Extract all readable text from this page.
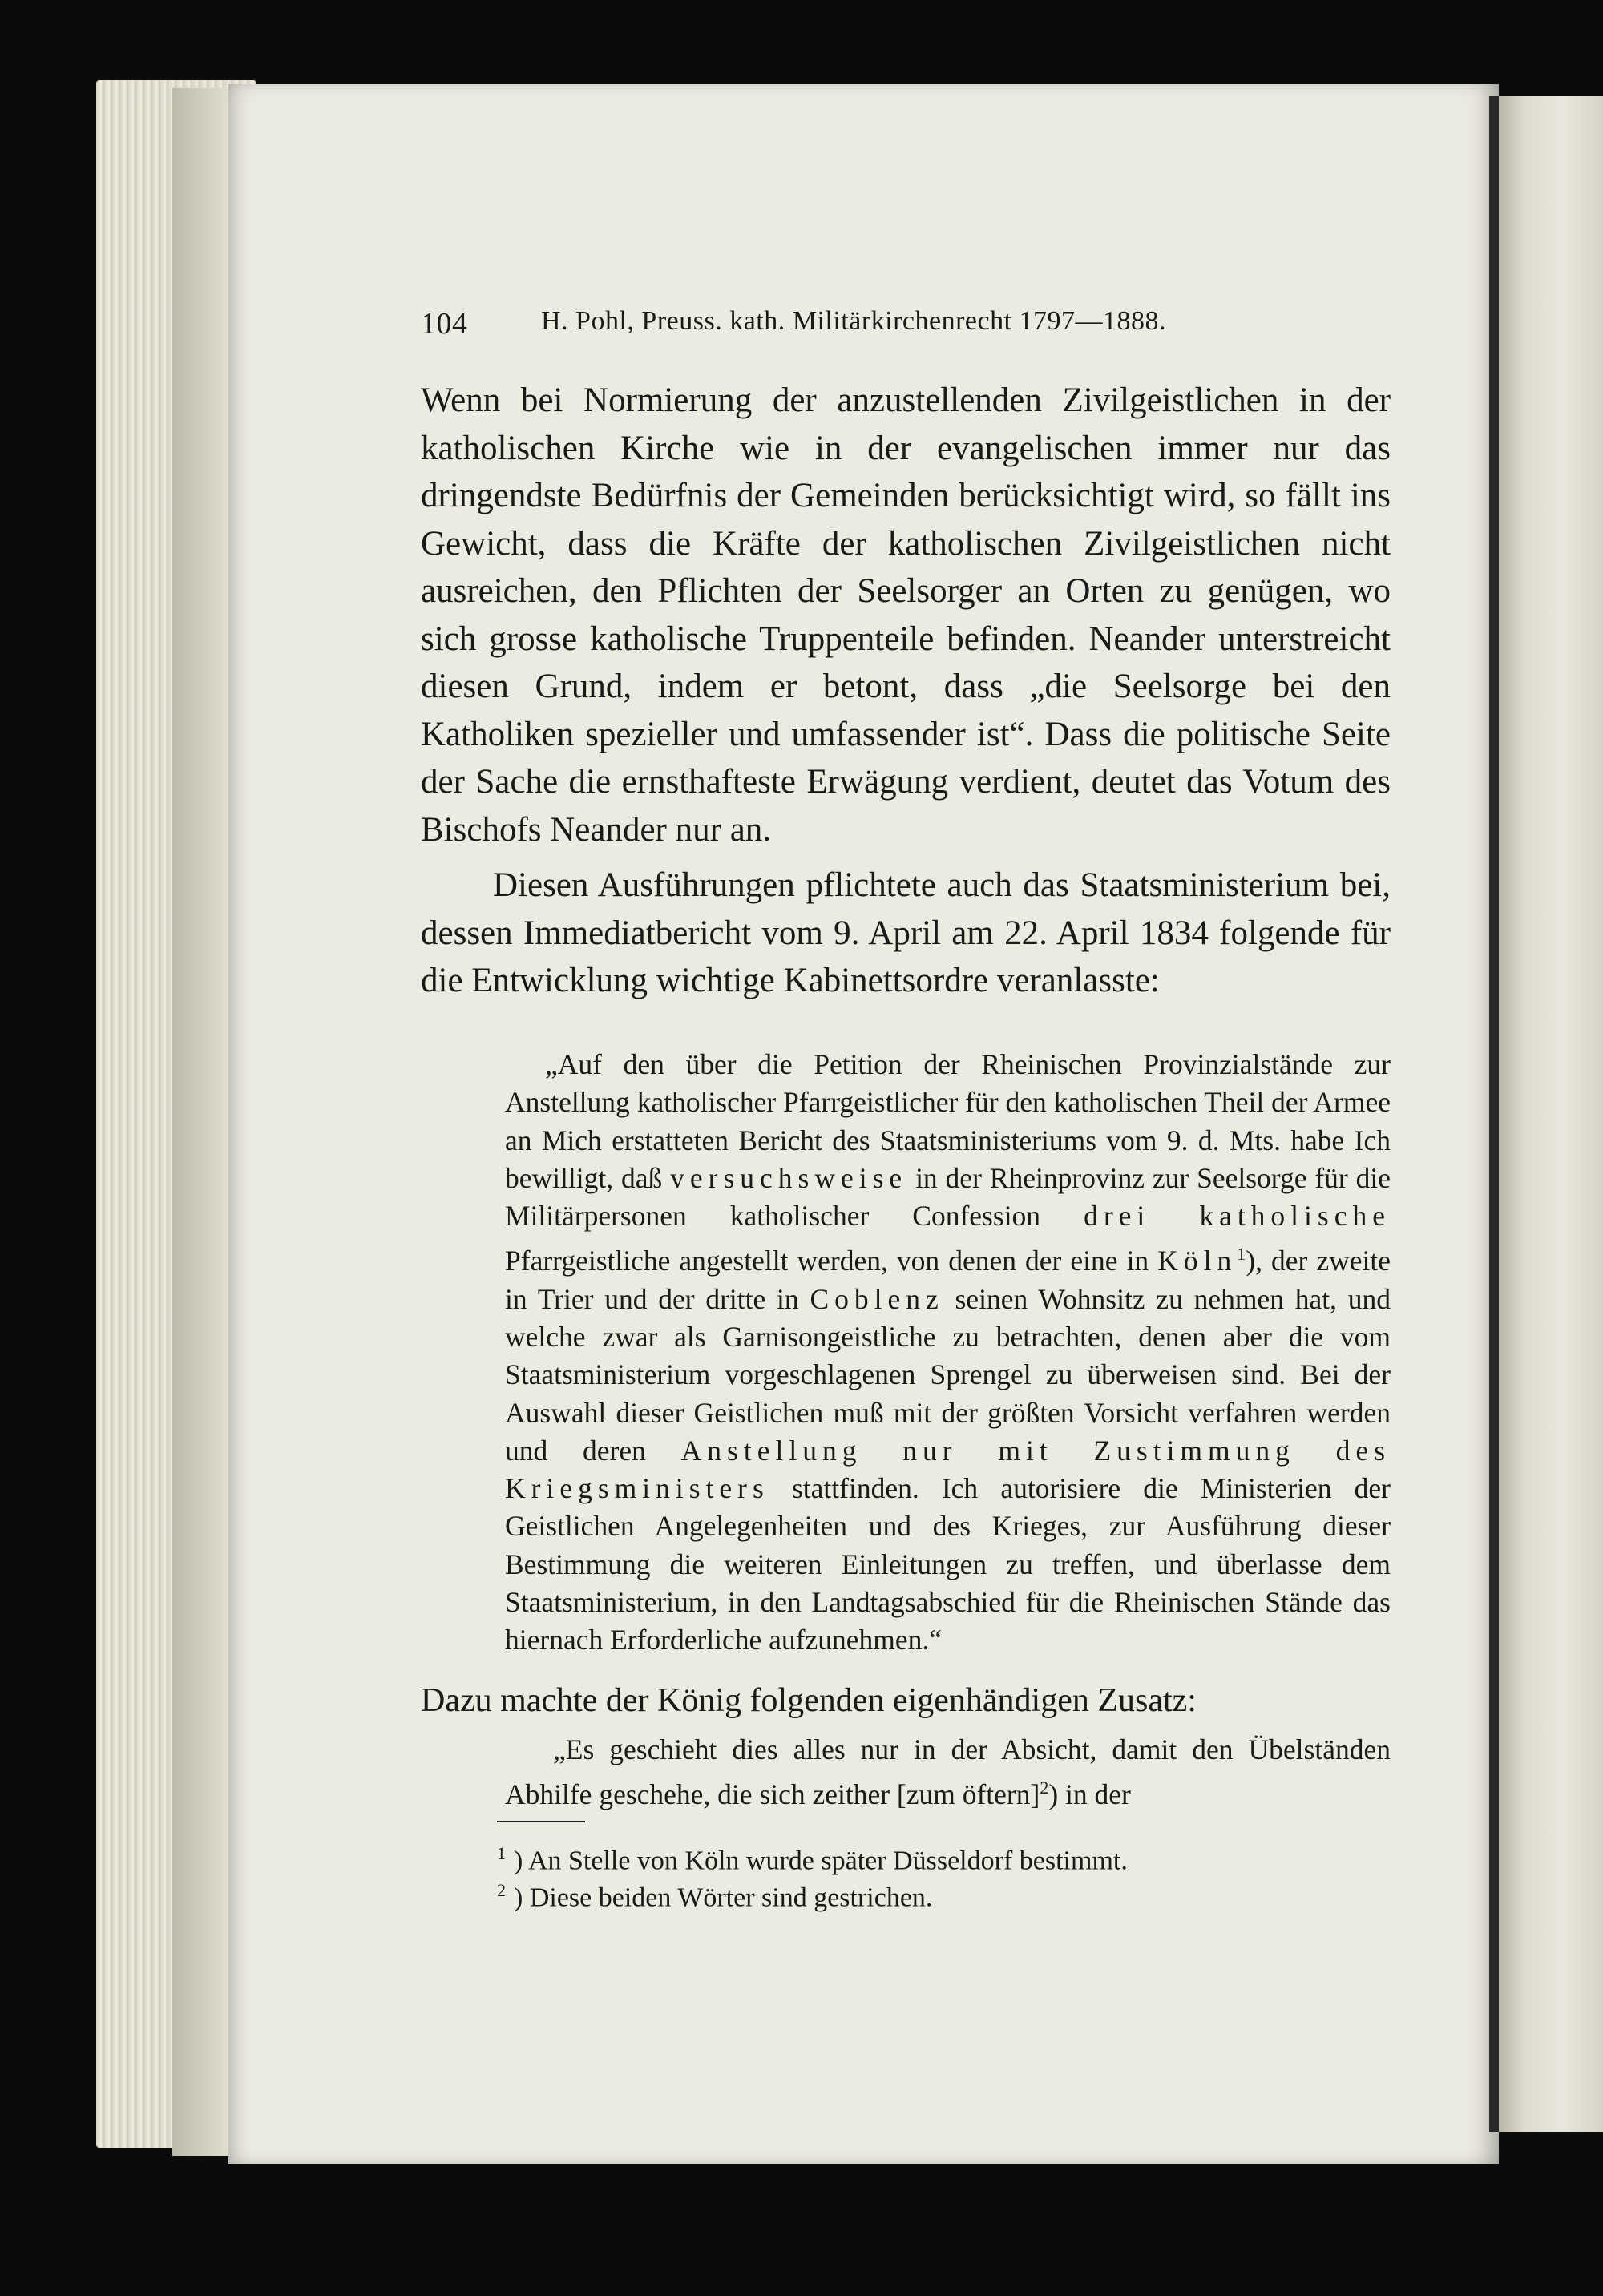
104	H. Pohl, Preuss. kath. Militärkirchenrecht 1797—1888.
Wenn bei Normierung der anzustellenden Zivilgeistlichen in der katholischen Kirche wie in der evangelischen immer nur das dringendste Bedürfnis der Gemeinden berücksichtigt wird, so fällt ins Gewicht, dass die Kräfte der katholischen Zivilgeistlichen nicht ausreichen, den Pflichten der Seelsorger an Orten zu genügen, wo sich grosse katholische Truppenteile befinden. Neander unterstreicht diesen Grund, indem er betont, dass „die Seelsorge bei den Katholiken spezieller und umfassender ist“. Dass die politische Seite der Sache die ernsthafteste Erwägung verdient, deutet das Votum des Bischofs Neander nur an.
Diesen Ausführungen pflichtete auch das Staatsministerium bei, dessen Immediatbericht vom 9. April am 22. April 1834 folgende für die Entwicklung wichtige Kabinettsordre veranlasste:
„Auf den über die Petition der Rheinischen Provinzialstände zur Anstellung katholischer Pfarrgeistlicher für den katholischen Theil der Armee an Mich erstatteten Bericht des Staatsministeriums vom 9. d. Mts. habe Ich bewilligt, daß versuchsweise in der Rheinprovinz zur Seelsorge für die Militärpersonen katholischer Confession drei katholische Pfarrgeistliche angestellt werden, von denen der eine in Köln$^1$), der zweite in Trier und der dritte in Coblenz seinen Wohnsitz zu nehmen hat, und welche zwar als Garnisongeistliche zu betrachten, denen aber die vom Staatsministerium vorgeschlagenen Sprengel zu überweisen sind. Bei der Auswahl dieser Geistlichen muß mit der größten Vorsicht verfahren werden und deren Anstellung nur mit Zustimmung des Kriegsministers stattfinden. Ich autorisiere die Ministerien der Geistlichen Angelegenheiten und des Krieges, zur Ausführung dieser Bestimmung die weiteren Einleitungen zu treffen, und überlasse dem Staatsministerium, in den Landtagsabschied für die Rheinischen Stände das hiernach Erforderliche aufzunehmen.“
Dazu machte der König folgenden eigenhändigen Zusatz:
„Es geschieht dies alles nur in der Absicht, damit den Übelständen Abhilfe geschehe, die sich zeither [zum öftern]$^2$) in der
$^1$ ) An Stelle von Köln wurde später Düsseldorf bestimmt.
$^2$ ) Diese beiden Wörter sind gestrichen.
